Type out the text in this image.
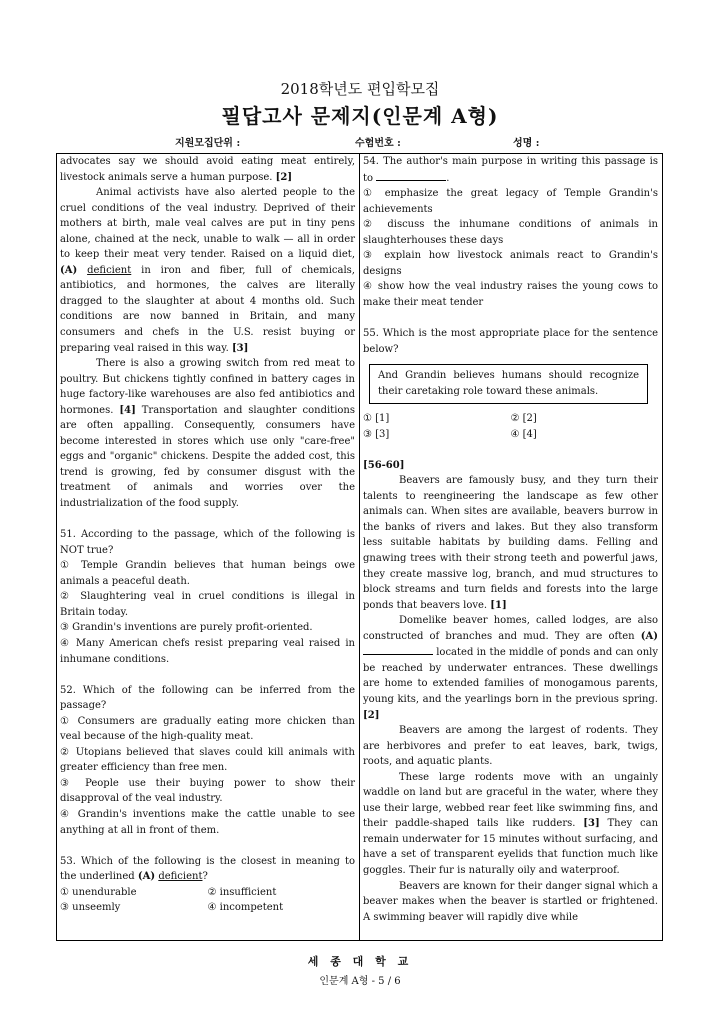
2018학년도 편입학모집
필답고사 문제지(인문계 A형)
지원모집단위 :	수험번호 :	성명 :

advocates say we should avoid eating meat entirely, livestock animals serve a human purpose. [2]

Animal activists have also alerted people to the cruel conditions of the veal industry. Deprived of their mothers at birth, male veal calves are put in tiny pens alone, chained at the neck, unable to walk — all in order to keep their meat very tender. Raised on a liquid diet, (A) deficient in iron and fiber, full of chemicals, antibiotics, and hormones, the calves are literally dragged to the slaughter at about 4 months old. Such conditions are now banned in Britain, and many consumers and chefs in the U.S. resist buying or preparing veal raised in this way. [3]

There is also a growing switch from red meat to poultry. But chickens tightly confined in battery cages in huge factory-like warehouses are also fed antibiotics and hormones. [4] Transportation and slaughter conditions are often appalling. Consequently, consumers have become interested in stores which use only "care-free" eggs and "organic" chickens. Despite the added cost, this trend is growing, fed by consumer disgust with the treatment of animals and worries over the industrialization of the food supply.

51. According to the passage, which of the following is NOT true?

① Temple Grandin believes that human beings owe animals a peaceful death.

② Slaughtering veal in cruel conditions is illegal in Britain today.

③ Grandin's inventions are purely profit-oriented.

④ Many American chefs resist preparing veal raised in inhumane conditions.

52. Which of the following can be inferred from the passage?

① Consumers are gradually eating more chicken than veal because of the high-quality meat.

② Utopians believed that slaves could kill animals with greater efficiency than free men.

③ People use their buying power to show their disapproval of the veal industry.

④ Grandin's inventions make the cattle unable to see anything at all in front of them.

53. Which of the following is the closest in meaning to the underlined (A) deficient?

① unendurable	② insufficient
③ unseemly	④ incompetent

54. The author's main purpose in writing this passage is to	.

① emphasize the great legacy of Temple Grandin's achievements

② discuss the inhumane conditions of animals in slaughterhouses these days

③ explain how livestock animals react to Grandin's designs

④ show how the veal industry raises the young cows to make their meat tender

55. Which is the most appropriate place for the sentence below?

And Grandin believes humans should recognize their caretaking role toward these animals.
① [1]	② [2]
③ [3]	④ [4]

[56-60]

Beavers are famously busy, and they turn their talents to reengineering the landscape as few other animals can. When sites are available, beavers burrow in the banks of rivers and lakes. But they also transform less suitable habitats by building dams. Felling and gnawing trees with their strong teeth and powerful jaws, they create massive log, branch, and mud structures to block streams and turn fields and forests into the large ponds that beavers love. [1]

Domelike beaver homes, called lodges, are also constructed of branches and mud. They are often (A) located in the middle of ponds and can only be reached by underwater entrances. These dwellings are home to extended families of monogamous parents, young kits, and the yearlings born in the previous spring. [2]

Beavers are among the largest of rodents. They are herbivores and prefer to eat leaves, bark, twigs, roots, and aquatic plants.

These large rodents move with an ungainly waddle on land but are graceful in the water, where they use their large, webbed rear feet like swimming fins, and their paddle-shaped tails like rudders. [3] They can remain underwater for 15 minutes without surfacing, and have a set of transparent eyelids that function much like goggles. Their fur is naturally oily and waterproof.

Beavers are known for their danger signal which a beaver makes when the beaver is startled or frightened. A swimming beaver will rapidly dive while

세 종 대 학 교
인문계 A형 - 5 / 6
